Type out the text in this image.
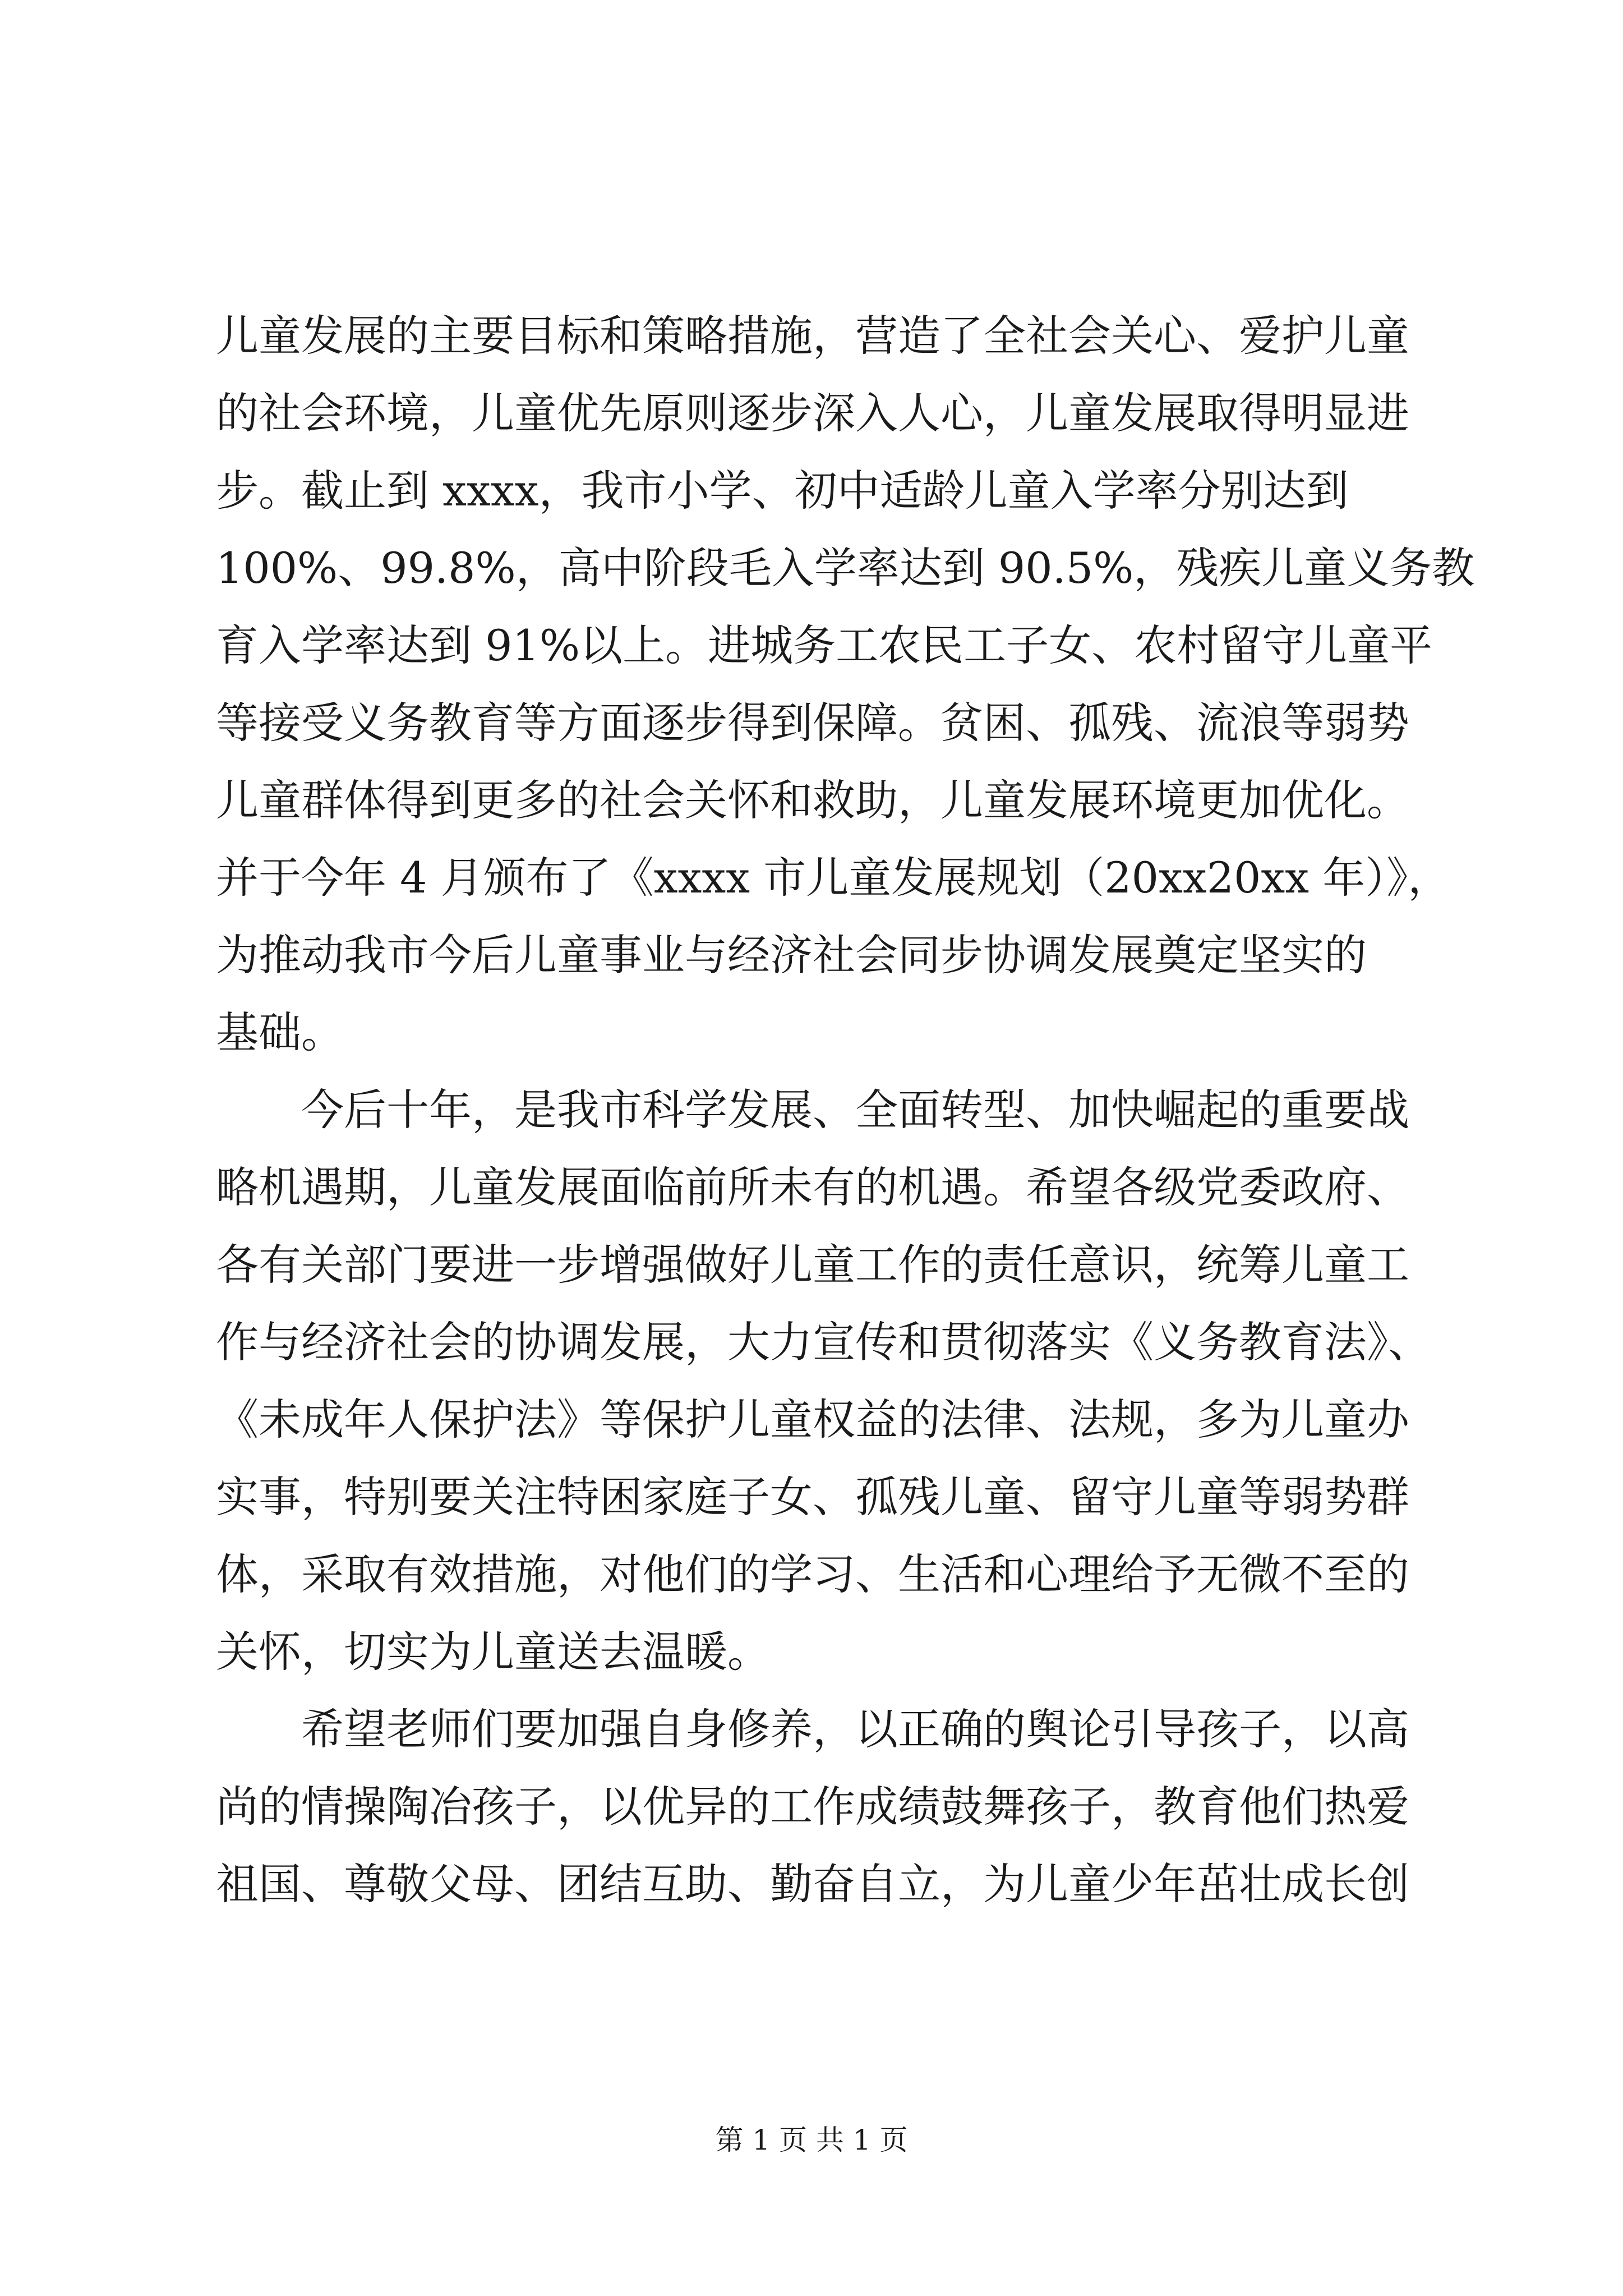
儿童发展的主要目标和策略措施，营造了全社会关心、爱护儿童
的社会环境，儿童优先原则逐步深入人心，儿童发展取得明显进
步。截止到 xxxx，我市小学、初中适龄儿童入学率分别达到
100%、99.8%，高中阶段毛入学率达到 90.5%，残疾儿童义务教
育入学率达到 91%以上。进城务工农民工子女、农村留守儿童平
等接受义务教育等方面逐步得到保障。贫困、孤残、流浪等弱势
儿童群体得到更多的社会关怀和救助，儿童发展环境更加优化。
并于今年 4 月颁布了《xxxx 市儿童发展规划（20xx20xx 年）》，
为推动我市今后儿童事业与经济社会同步协调发展奠定坚实的
基础。
今后十年，是我市科学发展、全面转型、加快崛起的重要战
略机遇期，儿童发展面临前所未有的机遇。希望各级党委政府、
各有关部门要进一步增强做好儿童工作的责任意识，统筹儿童工
作与经济社会的协调发展，大力宣传和贯彻落实《义务教育法》、
《未成年人保护法》等保护儿童权益的法律、法规，多为儿童办
实事，特别要关注特困家庭子女、孤残儿童、留守儿童等弱势群
体，采取有效措施，对他们的学习、生活和心理给予无微不至的
关怀，切实为儿童送去温暖。
希望老师们要加强自身修养，以正确的舆论引导孩子，以高
尚的情操陶冶孩子，以优异的工作成绩鼓舞孩子，教育他们热爱
祖国、尊敬父母、团结互助、勤奋自立，为儿童少年茁壮成长创
第 1 页 共 1 页
